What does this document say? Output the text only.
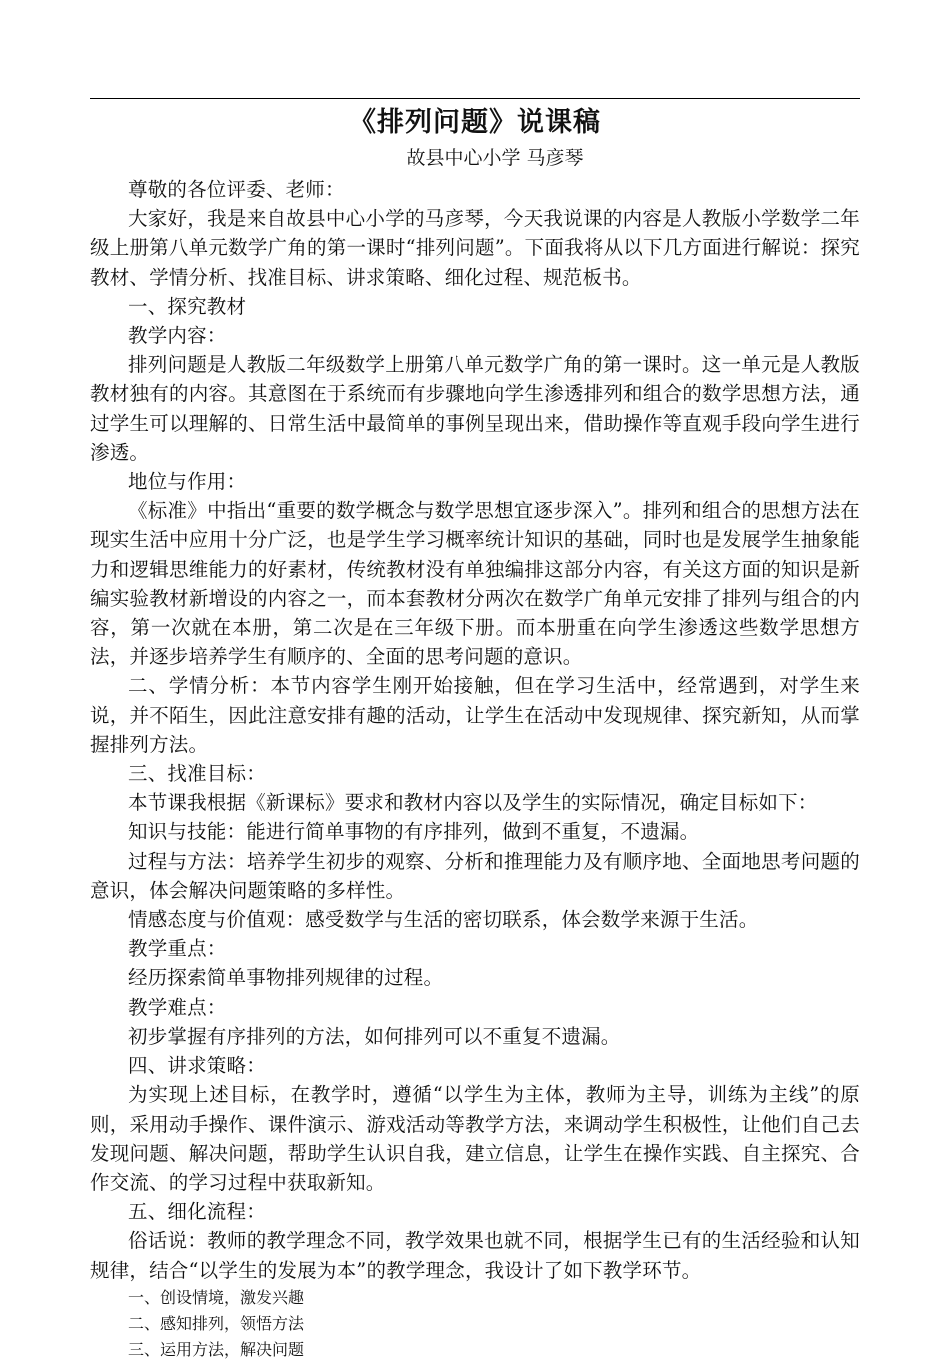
《排列问题》说课稿
故县中心小学 马彦琴

尊敬的各位评委、老师：

大家好，我是来自故县中心小学的马彦琴，今天我说课的内容是人教版小学数学二年级上册第八单元数学广角的第一课时“排列问题”。下面我将从以下几方面进行解说：探究教材、学情分析、找准目标、讲求策略、细化过程、规范板书。

一、探究教材

教学内容：

排列问题是人教版二年级数学上册第八单元数学广角的第一课时。这一单元是人教版教材独有的内容。其意图在于系统而有步骤地向学生渗透排列和组合的数学思想方法，通过学生可以理解的、日常生活中最简单的事例呈现出来，借助操作等直观手段向学生进行渗透。

地位与作用：

《标准》中指出“重要的数学概念与数学思想宜逐步深入”。排列和组合的思想方法在现实生活中应用十分广泛，也是学生学习概率统计知识的基础，同时也是发展学生抽象能力和逻辑思维能力的好素材，传统教材没有单独编排这部分内容，有关这方面的知识是新编实验教材新增设的内容之一，而本套教材分两次在数学广角单元安排了排列与组合的内容，第一次就在本册，第二次是在三年级下册。而本册重在向学生渗透这些数学思想方法，并逐步培养学生有顺序的、全面的思考问题的意识。

二、学情分析：本节内容学生刚开始接触，但在学习生活中，经常遇到，对学生来说，并不陌生，因此注意安排有趣的活动，让学生在活动中发现规律、探究新知，从而掌握排列方法。

三、找准目标：

本节课我根据《新课标》要求和教材内容以及学生的实际情况，确定目标如下：

知识与技能：能进行简单事物的有序排列，做到不重复，不遗漏。

过程与方法：培养学生初步的观察、分析和推理能力及有顺序地、全面地思考问题的意识，体会解决问题策略的多样性。

情感态度与价值观：感受数学与生活的密切联系，体会数学来源于生活。

教学重点：

经历探索简单事物排列规律的过程。

教学难点：

初步掌握有序排列的方法，如何排列可以不重复不遗漏。

四、讲求策略：

为实现上述目标，在教学时，遵循“以学生为主体，教师为主导，训练为主线”的原则，采用动手操作、课件演示、游戏活动等教学方法，来调动学生积极性，让他们自己去发现问题、解决问题，帮助学生认识自我，建立信息，让学生在操作实践、自主探究、合作交流、的学习过程中获取新知。

五、细化流程：

俗话说：教师的教学理念不同，教学效果也就不同，根据学生已有的生活经验和认知规律，结合“以学生的发展为本”的教学理念，我设计了如下教学环节。

一、创设情境，激发兴趣

二、感知排列，领悟方法

三、运用方法，解决问题
